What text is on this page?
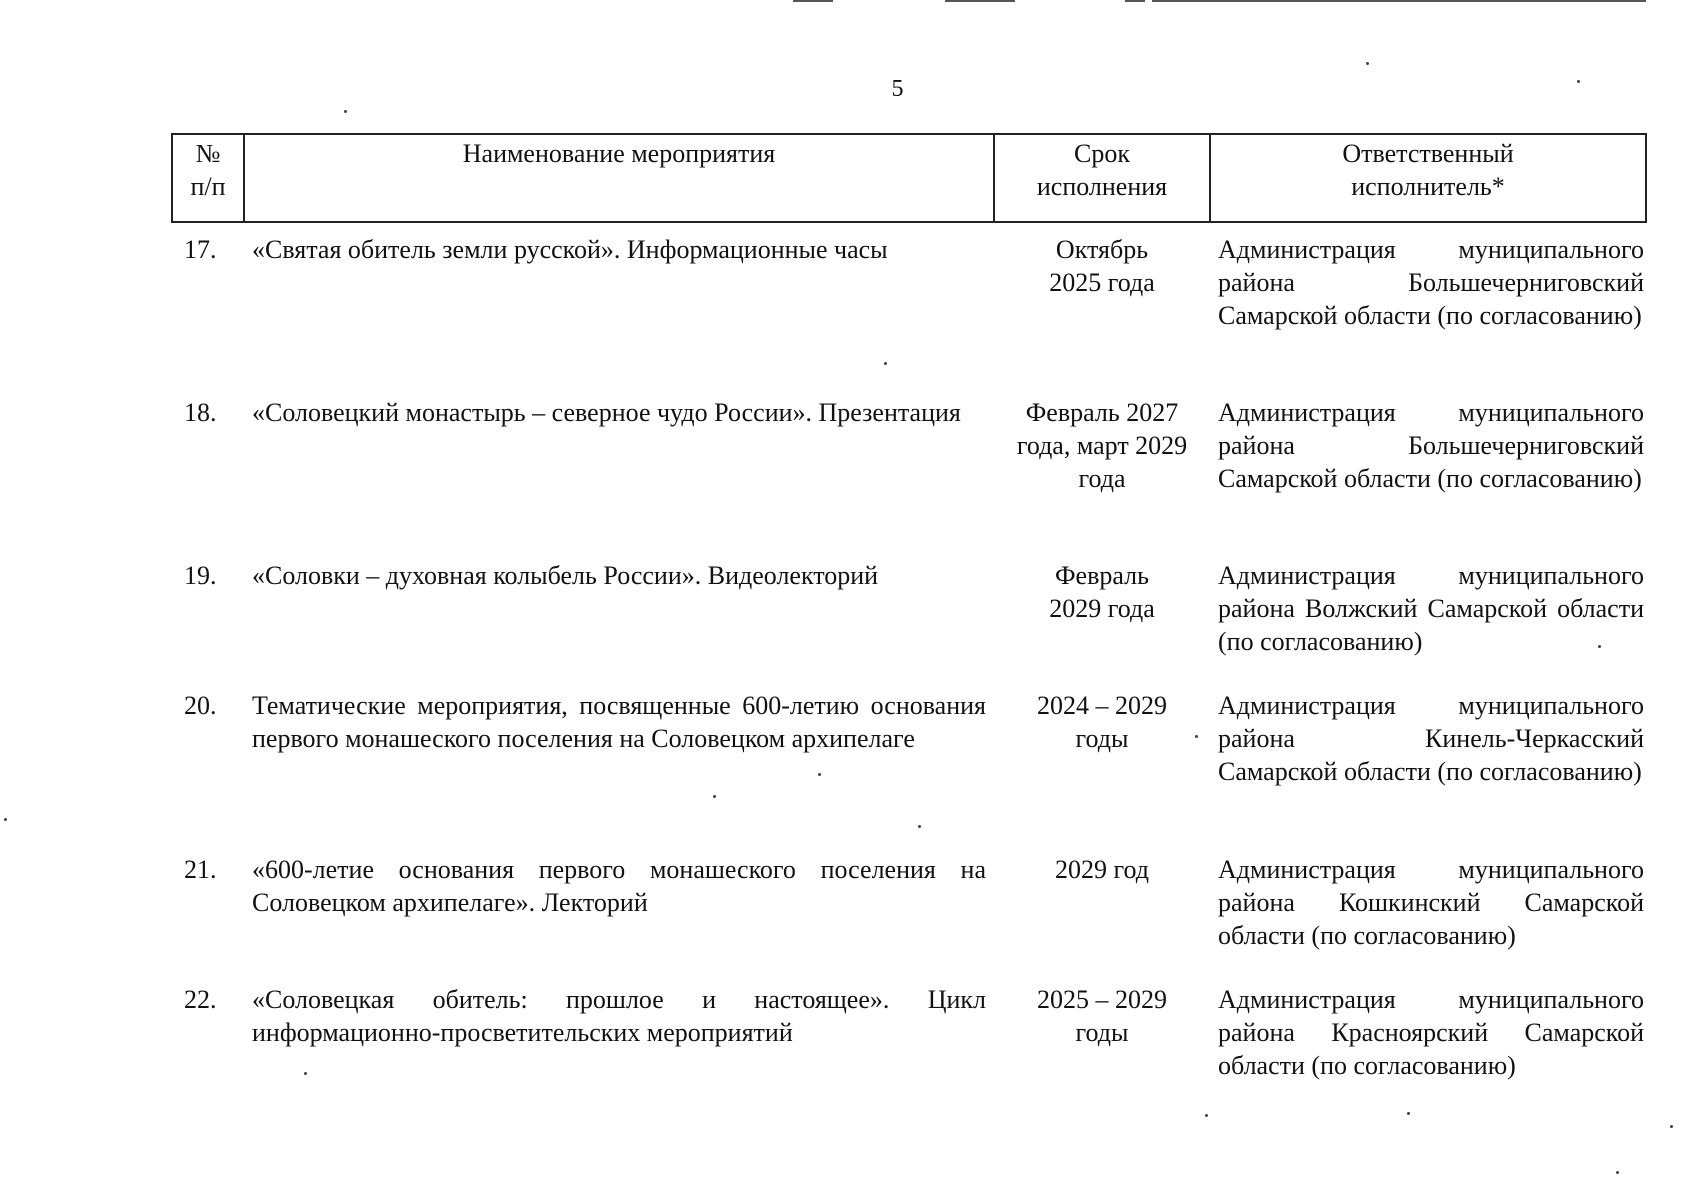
5
№ п/п	Наименование мероприятия	Срок исполнения	Ответственный исполнитель*

17.	«Святая обитель земли русской». Информационные часы	Октябрь 2025 года	Администрация муниципального района Большечерниговский Самарской области (по согласованию)
18.	«Соловецкий монастырь – северное чудо России». Презентация	Февраль 2027 года, март 2029 года	Администрация муниципального района Большечерниговский Самарской области (по согласованию)
19.	«Соловки – духовная колыбель России». Видеолекторий	Февраль 2029 года	Администрация муниципального района Волжский Самарской области (по согласованию)
20.	Тематические мероприятия, посвященные 600-летию основания первого монашеского поселения на Соловецком архипелаге	2024 – 2029 годы	Администрация муниципального района Кинель-Черкасский Самарской области (по согласованию)
21.	«600-летие основания первого монашеского поселения на Соловецком архипелаге». Лекторий	2029 год	Администрация муниципального района Кошкинский Самарской области (по согласованию)
22.	«Соловецкая обитель: прошлое и настоящее». Цикл информационно-просветительских мероприятий	2025 – 2029 годы	Администрация муниципального района Красноярский Самарской области (по согласованию)
